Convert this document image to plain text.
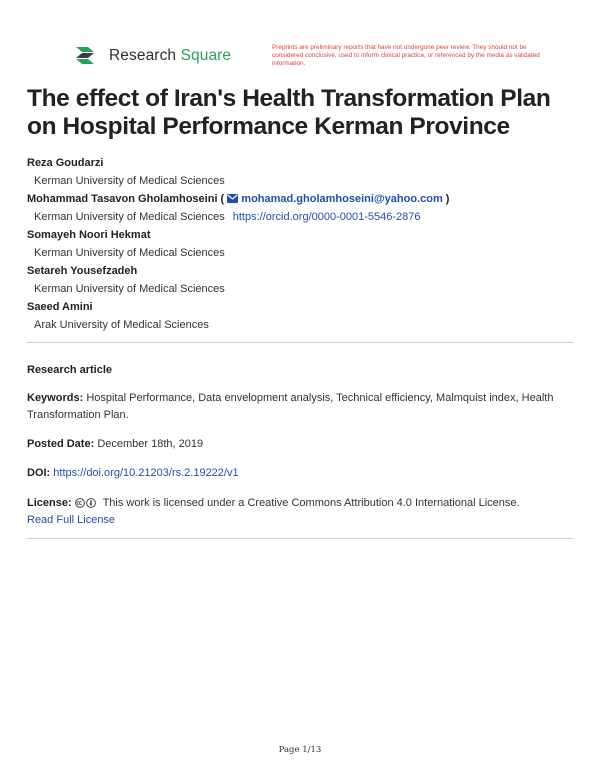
Research Square	Preprints are preliminary reports that have not undergone peer review. They should not be considered conclusive, used to inform clinical practice, or referenced by the media as validated information.
The effect of Iran's Health Transformation Plan on Hospital Performance Kerman Province
Reza Goudarzi
Kerman University of Medical Sciences
Mohammad Tasavon Gholamhoseini ( mohamad.gholamhoseini@yahoo.com )
Kerman University of Medical Sciences https://orcid.org/0000-0001-5546-2876
Somayeh Noori Hekmat
Kerman University of Medical Sciences
Setareh Yousefzadeh
Kerman University of Medical Sciences
Saeed Amini
Arak University of Medical Sciences
Research article
Keywords: Hospital Performance, Data envelopment analysis, Technical efficiency, Malmquist index, Health Transformation Plan.
Posted Date: December 18th, 2019
DOI: https://doi.org/10.21203/rs.2.19222/v1
License:	This work is licensed under a Creative Commons Attribution 4.0 International License.
Read Full License
Page 1/13
